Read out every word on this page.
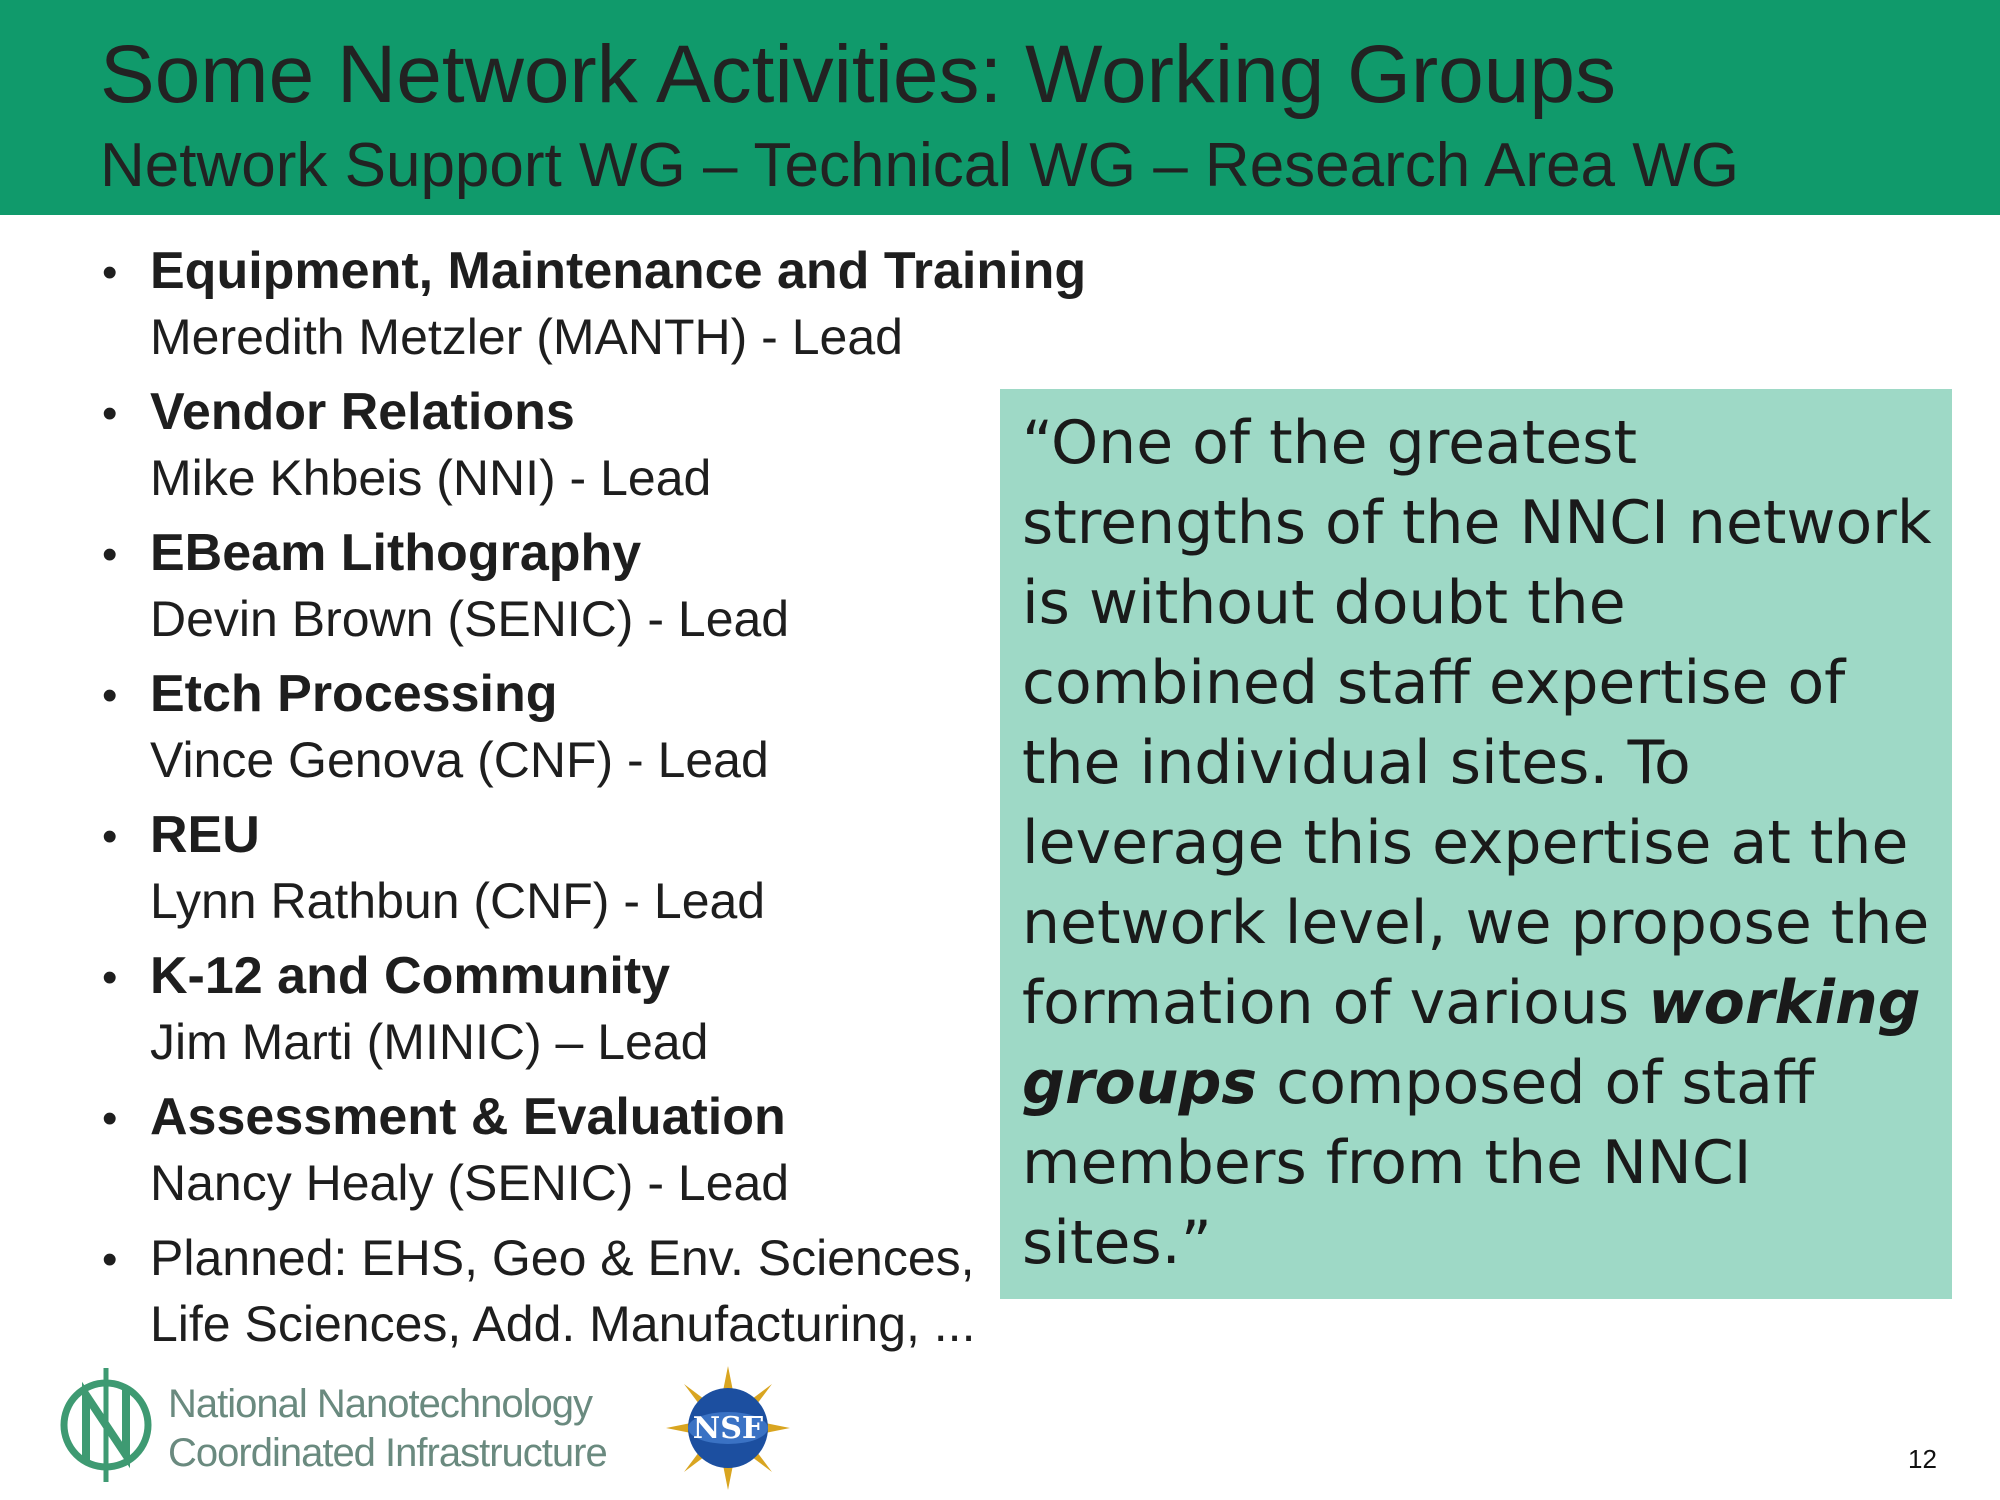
Some Network Activities: Working Groups
Network Support WG – Technical WG – Research Area WG
• Equipment, Maintenance and Training
Meredith Metzler (MANTH) - Lead
• Vendor Relations
Mike Khbeis (NNI) - Lead
• EBeam Lithography
Devin Brown (SENIC) - Lead
• Etch Processing
Vince Genova (CNF) - Lead
• REU
Lynn Rathbun (CNF) - Lead
• K-12 and Community
Jim Marti (MINIC) – Lead
• Assessment & Evaluation
Nancy Healy (SENIC) - Lead
• Planned: EHS, Geo & Env. Sciences,
Life Sciences, Add. Manufacturing, ...

“One of the greatest strengths of the NNCI network is without doubt the combined staff expertise of the individual sites. To leverage this expertise at the network level, we propose the formation of various working groups composed of staff members from the NNCI sites.”

National Nanotechnology
Coordinated Infrastructure
NSF
12
